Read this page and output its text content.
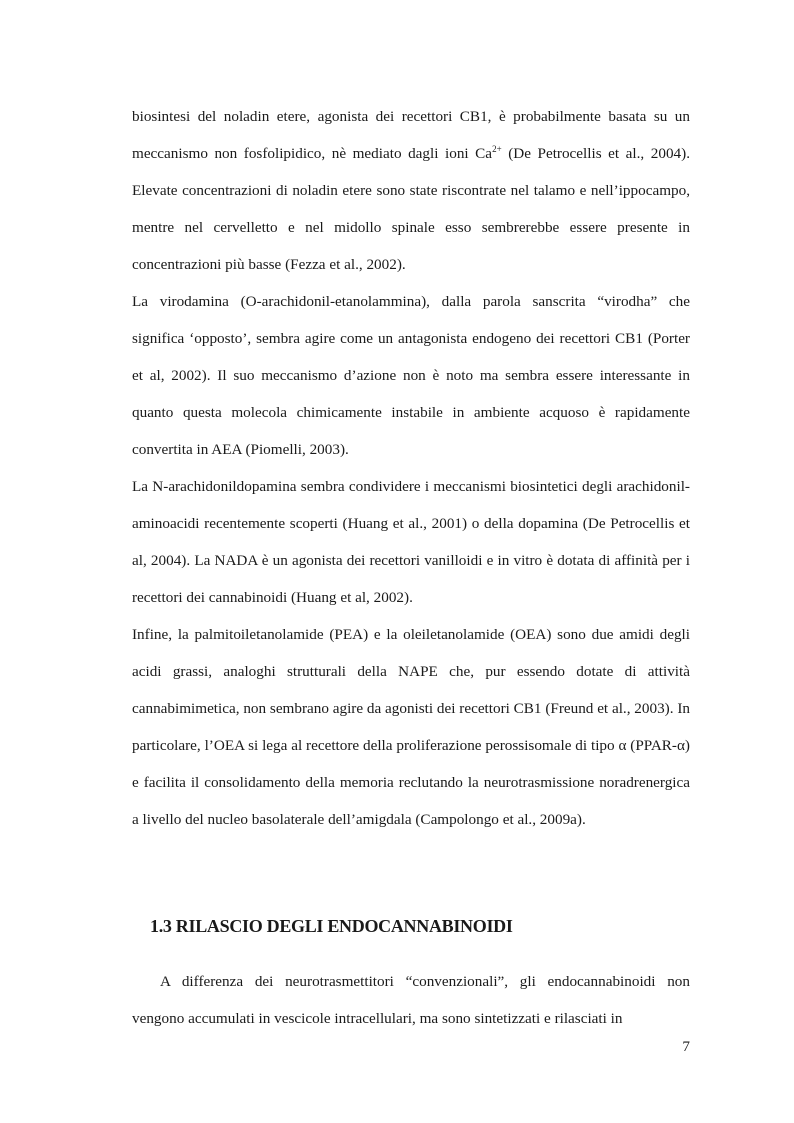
biosintesi del noladin etere, agonista dei recettori CB1, è probabilmente basata su un meccanismo non fosfolipidico, nè mediato dagli ioni $Ca^{2+}$ (De Petrocellis et al., 2004). Elevate concentrazioni di noladin etere sono state riscontrate nel talamo e nell’ippocampo, mentre nel cervelletto e nel midollo spinale esso sembrerebbe essere presente in concentrazioni più basse (Fezza et al., 2002).

La virodamina (O-arachidonil-etanolammina), dalla parola sanscrita “virodha” che significa ‘opposto’, sembra agire come un antagonista endogeno dei recettori CB1 (Porter et al, 2002). Il suo meccanismo d’azione non è noto ma sembra essere interessante in quanto questa molecola chimicamente instabile in ambiente acquoso è rapidamente convertita in AEA (Piomelli, 2003).

La N-arachidonildopamina sembra condividere i meccanismi biosintetici degli arachidonil-aminoacidi recentemente scoperti (Huang et al., 2001) o della dopamina (De Petrocellis et al, 2004). La NADA è un agonista dei recettori vanilloidi e in vitro è dotata di affinità per i recettori dei cannabinoidi (Huang et al, 2002).

Infine, la palmitoiletanolamide (PEA) e la oleiletanolamide (OEA) sono due amidi degli acidi grassi, analoghi strutturali della NAPE che, pur essendo dotate di attività cannabimimetica, non sembrano agire da agonisti dei recettori CB1 (Freund et al., 2003). In particolare, l’OEA si lega al recettore della proliferazione perossisomale di tipo α (PPAR-α) e facilita il consolidamento della memoria reclutando la neurotrasmissione noradrenergica a livello del nucleo basolaterale dell’amigdala (Campolongo et al., 2009a).

1.3 RILASCIO DEGLI ENDOCANNABINOIDI

A differenza dei neurotrasmettitori “convenzionali”, gli endocannabinoidi non vengono accumulati in vescicole intracellulari, ma sono sintetizzati e rilasciati in

7
